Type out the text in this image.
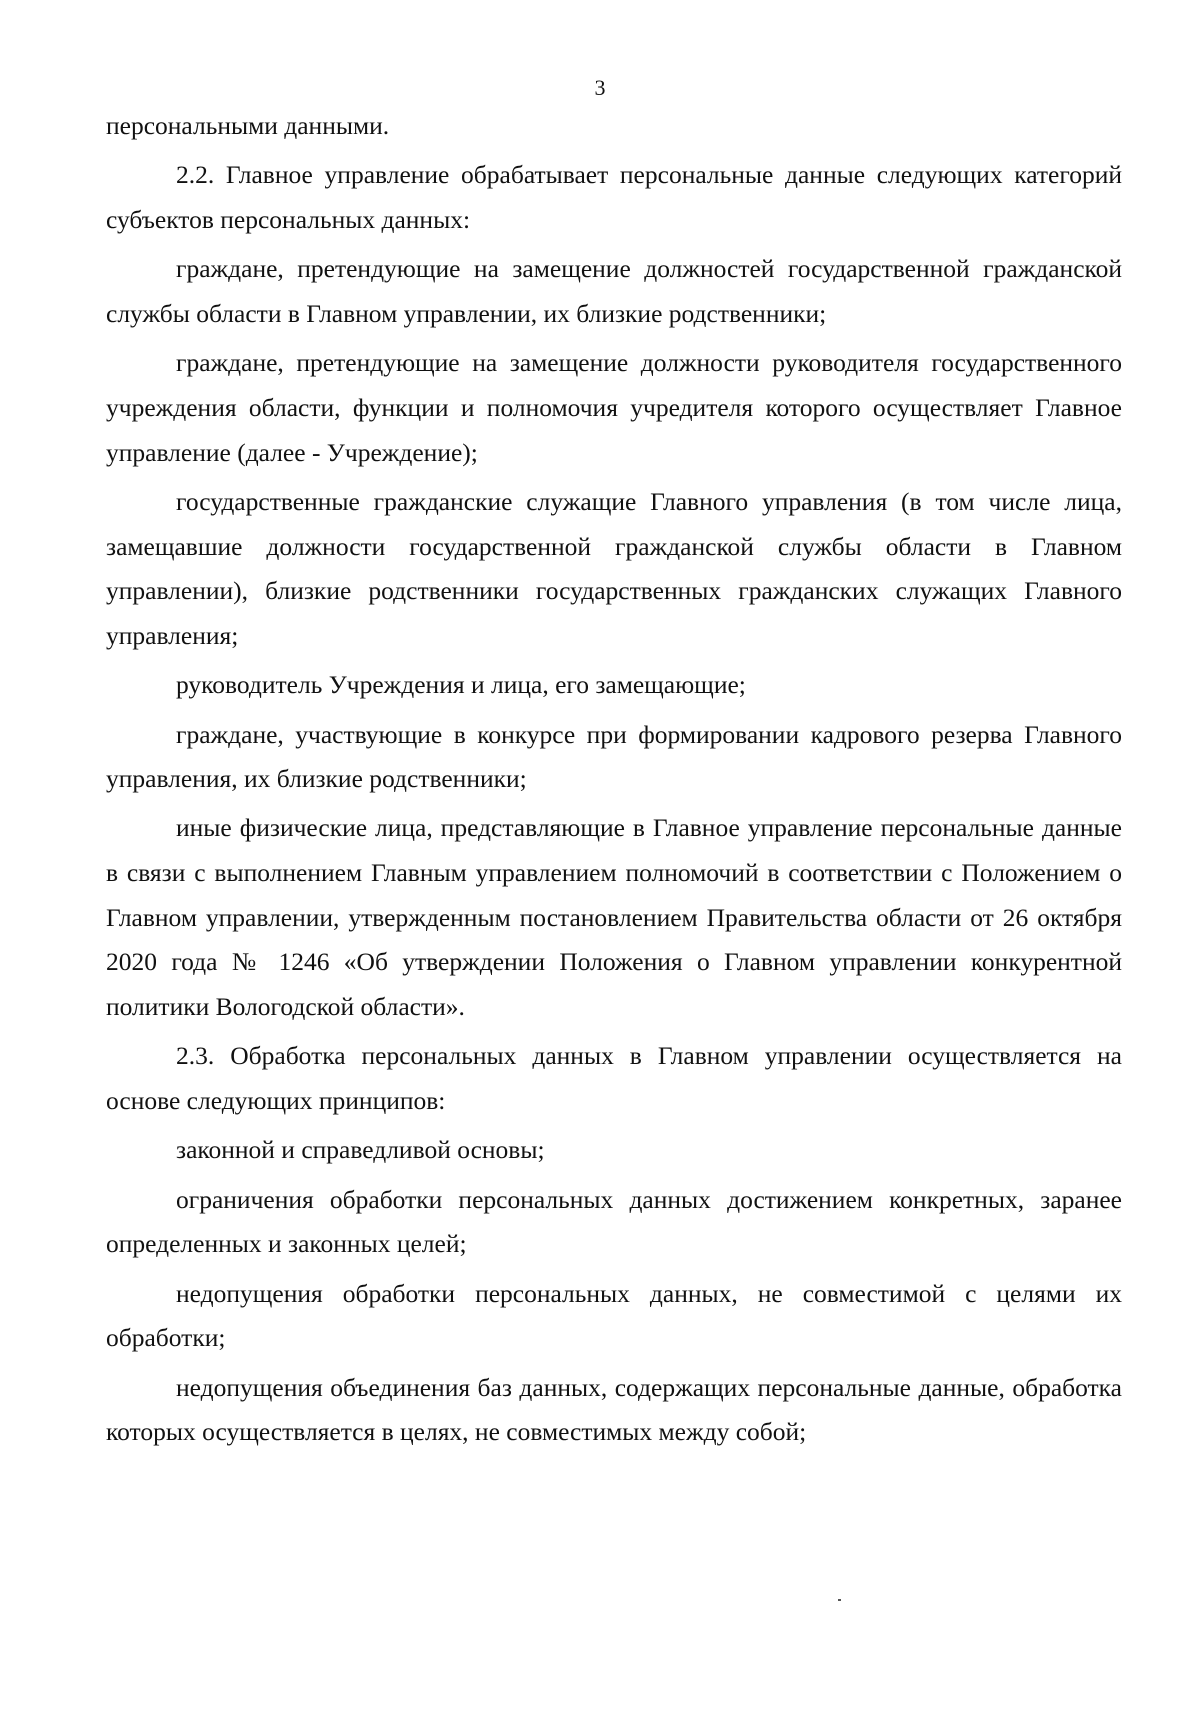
3

персональными данными.

2.2. Главное управление обрабатывает персональные данные следующих категорий субъектов персональных данных:

граждане, претендующие на замещение должностей государственной гражданской службы области в Главном управлении, их близкие родственники;

граждане, претендующие на замещение должности руководителя государственного учреждения области, функции и полномочия учредителя которого осуществляет Главное управление (далее - Учреждение);

государственные гражданские служащие Главного управления (в том числе лица, замещавшие должности государственной гражданской службы области в Главном управлении), близкие родственники государственных гражданских служащих Главного управления;

руководитель Учреждения и лица, его замещающие;

граждане, участвующие в конкурсе при формировании кадрового резерва Главного управления, их близкие родственники;

иные физические лица, представляющие в Главное управление персональные данные в связи с выполнением Главным управлением полномочий в соответствии с Положением о Главном управлении, утвержденным постановлением Правительства области от 26 октября 2020 года № 1246 «Об утверждении Положения о Главном управлении конкурентной политики Вологодской области».

2.3. Обработка персональных данных в Главном управлении осуществляется на основе следующих принципов:

законной и справедливой основы;

ограничения обработки персональных данных достижением конкретных, заранее определенных и законных целей;

недопущения обработки персональных данных, не совместимой с целями их обработки;

недопущения объединения баз данных, содержащих персональные данные, обработка которых осуществляется в целях, не совместимых между собой;
